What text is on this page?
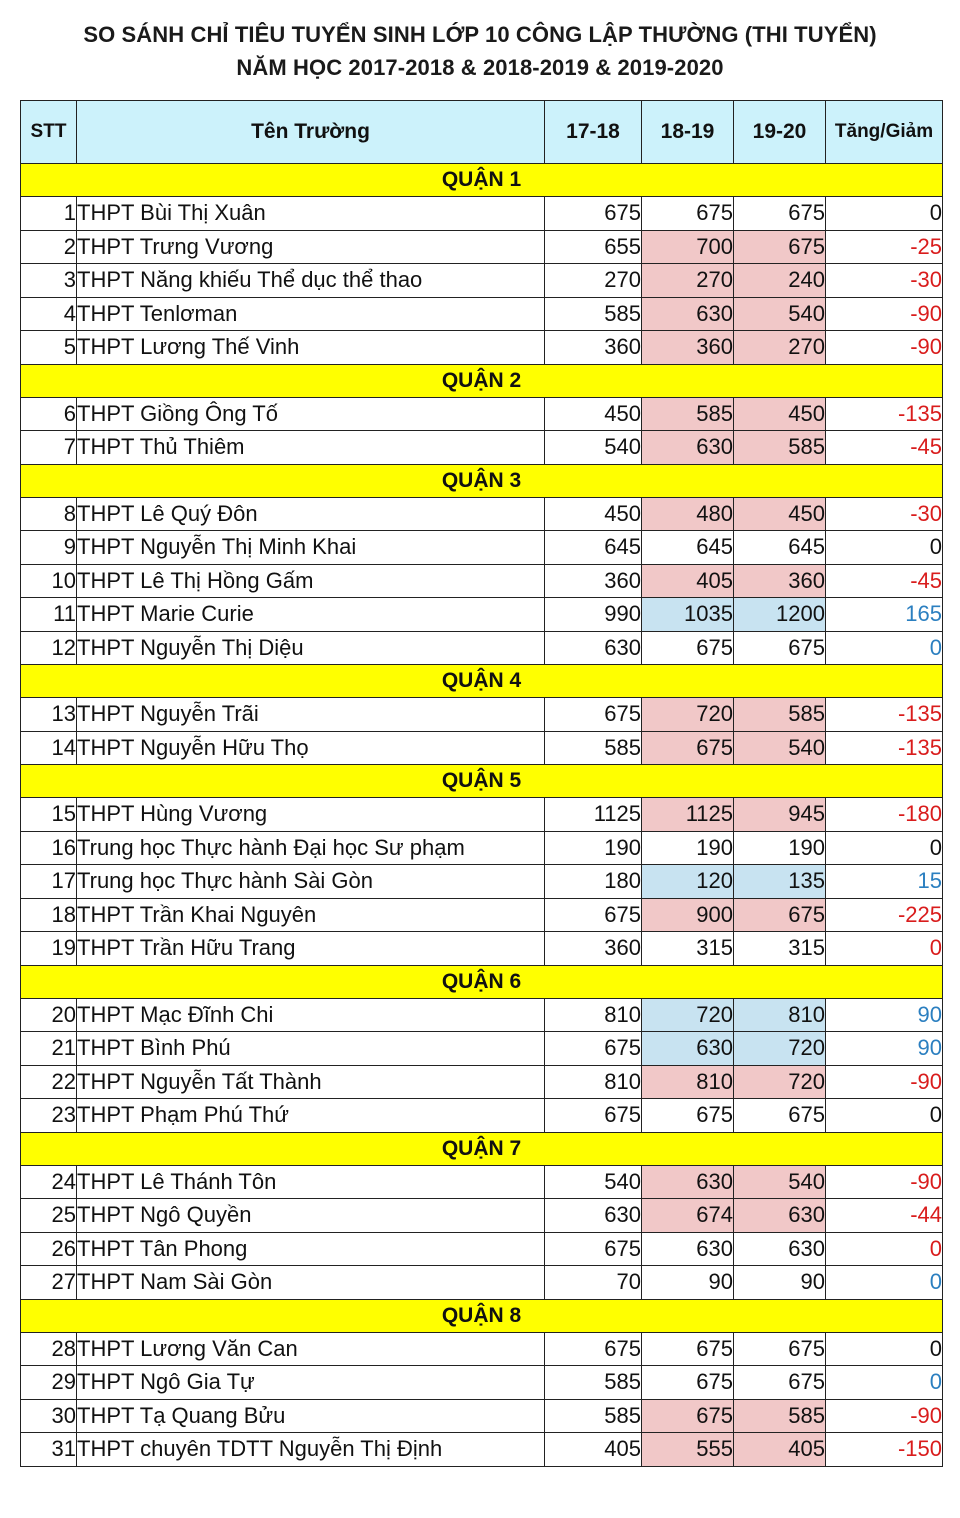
SO SÁNH CHỈ TIÊU TUYỂN SINH LỚP 10 CÔNG LẬP THƯỜNG (THI TUYỂN)
NĂM HỌC 2017-2018 & 2018-2019 & 2019-2020
STT	Tên Trường	17-18	18-19	19-20	Tăng/Giảm
QUẬN 1					
1	THPT Bùi Thị Xuân	675	675	675	0
2	THPT Trưng Vương	655	700	675	-25
3	THPT Năng khiếu Thể dục thể thao	270	270	240	-30
4	THPT Tenlơman	585	630	540	-90
5	THPT Lương Thế Vinh	360	360	270	-90
QUẬN 2					
6	THPT Giồng Ông Tố	450	585	450	-135
7	THPT Thủ Thiêm	540	630	585	-45
QUẬN 3					
8	THPT Lê Quý Đôn	450	480	450	-30
9	THPT Nguyễn Thị Minh Khai	645	645	645	0
10	THPT Lê Thị Hồng Gấm	360	405	360	-45
11	THPT Marie Curie	990	1035	1200	165
12	THPT Nguyễn Thị Diệu	630	675	675	0
QUẬN 4					
13	THPT Nguyễn Trãi	675	720	585	-135
14	THPT Nguyễn Hữu Thọ	585	675	540	-135
QUẬN 5					
15	THPT Hùng Vương	1125	1125	945	-180
16	Trung học Thực hành Đại học Sư phạm	190	190	190	0
17	Trung học Thực hành Sài Gòn	180	120	135	15
18	THPT Trần Khai Nguyên	675	900	675	-225
19	THPT Trần Hữu Trang	360	315	315	0
QUẬN 6					
20	THPT Mạc Đĩnh Chi	810	720	810	90
21	THPT Bình Phú	675	630	720	90
22	THPT Nguyễn Tất Thành	810	810	720	-90
23	THPT Phạm Phú Thứ	675	675	675	0
QUẬN 7					
24	THPT Lê Thánh Tôn	540	630	540	-90
25	THPT Ngô Quyền	630	674	630	-44
26	THPT Tân Phong	675	630	630	0
27	THPT Nam Sài Gòn	70	90	90	0
QUẬN 8					
28	THPT Lương Văn Can	675	675	675	0
29	THPT Ngô Gia Tự	585	675	675	0
30	THPT Tạ Quang Bửu	585	675	585	-90
31	THPT chuyên TDTT Nguyễn Thị Định	405	555	405	-150
